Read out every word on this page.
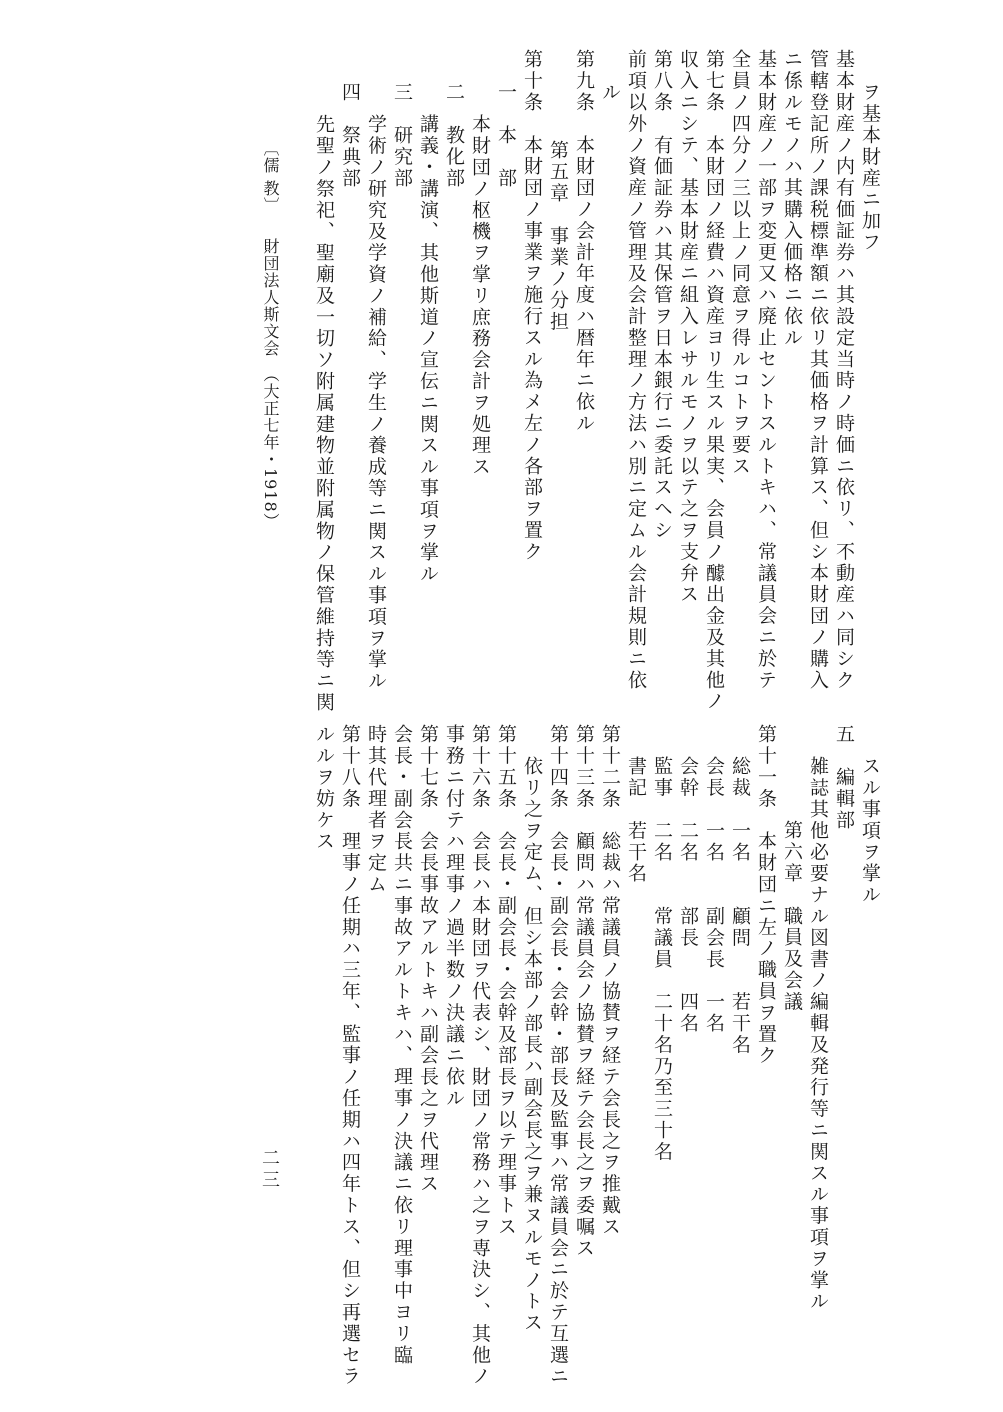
ヲ基本財産ニ加フ
基本財産ノ内有価証券ハ其設定当時ノ時価ニ依リ、不動産ハ同シク
管轄登記所ノ課税標準額ニ依リ其価格ヲ計算ス、但シ本財団ノ購入
ニ係ルモノハ其購入価格ニ依ル
基本財産ノ一部ヲ変更又ハ廃止セントスルトキハ、常議員会ニ於テ
全員ノ四分ノ三以上ノ同意ヲ得ルコトヲ要ス
第七条　本財団ノ経費ハ資産ヨリ生スル果実、会員ノ醵出金及其他ノ
収入ニシテ、基本財産ニ組入レサルモノヲ以テ之ヲ支弁ス
第八条　有価証券ハ其保管ヲ日本銀行ニ委託スヘシ
前項以外ノ資産ノ管理及会計整理ノ方法ハ別ニ定ムル会計規則ニ依
ル
第九条　本財団ノ会計年度ハ暦年ニ依ル
第五章　事業ノ分担
第十条　本財団ノ事業ヲ施行スル為メ左ノ各部ヲ置ク
一　本　部
本財団ノ枢機ヲ掌リ庶務会計ヲ処理ス
二　教化部
講義・講演、其他斯道ノ宣伝ニ関スル事項ヲ掌ル
三　研究部
学術ノ研究及学資ノ補給、学生ノ養成等ニ関スル事項ヲ掌ル
四　祭典部
先聖ノ祭祀、聖廟及一切ソ附属建物並附属物ノ保管維持等ニ関
〔儒 教〕
財団法人斯文会　（大正七年・1918）
スル事項ヲ掌ル
五　編輯部
雑誌其他必要ナル図書ノ編輯及発行等ニ関スル事項ヲ掌ル
第六章　職員及会議
第十一条　本財団ニ左ノ職員ヲ置ク
総裁　一名　　顧問　　若干名
会長　一名　　副会長　一名
会幹　二名　　部長　　四名
監事　二名　　常議員　二十名乃至三十名
書記　若干名
第十二条　総裁ハ常議員ノ協賛ヲ経テ会長之ヲ推戴ス
第十三条　顧問ハ常議員会ノ協賛ヲ経テ会長之ヲ委嘱ス
第十四条　会長・副会長・会幹・部長及監事ハ常議員会ニ於テ互選ニ
依リ之ヲ定ム、但シ本部ノ部長ハ副会長之ヲ兼ヌルモノトス
第十五条　会長・副会長・会幹及部長ヲ以テ理事トス
第十六条　会長ハ本財団ヲ代表シ、財団ノ常務ハ之ヲ専決シ、其他ノ
事務ニ付テハ理事ノ過半数ノ決議ニ依ル
第十七条　会長事故アルトキハ副会長之ヲ代理ス
会長・副会長共ニ事故アルトキハ、理事ノ決議ニ依リ理事中ヨリ臨
時其代理者ヲ定ム
第十八条　理事ノ任期ハ三年、監事ノ任期ハ四年トス、但シ再選セラ
ルルヲ妨ケス
二三
